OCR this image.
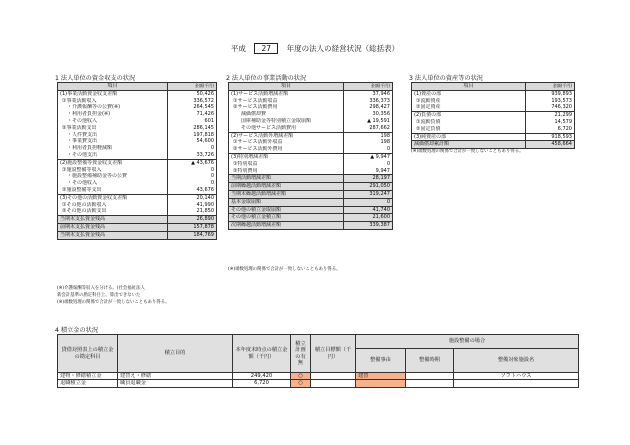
平成 27 年度の法人の経営状況（総括表）
1 法人単位の資金収支の状況
項目	金額(千円)
(1)事業活動資金収支差額	50,426
①事業活動収入	336,572
・介護報酬等の公費(※)	264,545
・利用者負担金(※)	71,426
・その他収入	601
②事業活動支出	286,145
・人件費支出	197,818
・事業費支出	54,600
・利用者負担軽減額	0
・その他支出	33,726
(2)施設整備等資金収支差額	▲ 43,676
①施設整備等収入	0
・施設整備補助金等の公費	0
・その他収入	0
②施設整備等支出	43,676
(3)その他の活動資金収支差額	20,140
①その他の活動収入	41,990
②その他の活動支出	21,850
当期末支払資金残高	26,890
前期末支払資金残高	157,878
当期末支払資金残高	184,769
(※)介護報酬等収入を分ける。(社会福祉法人
新会計基準の勘定科目上、算出できないた
(※)端数処理の関係で合計が一致しないこともあり得る。
2 法人単位の事業活動の状況
項目	金額(千円)
(1)サービス活動増減差額	37,946
①サービス活動収益	336,373
②サービス活動費用	298,427
減価償却費	30,356
国庫補助金等特別積立金取崩額	▲ 19,591
その他サービス活動費用	287,662
(2)サービス活動外増減差額	198
①サービス活動外収益	198
②サービス活動外費用	0
(3)特別増減差額	▲ 9,947
①特別収益	0
②特別費用	9,947
当期活動増減差額	28,197
前期繰越活動増減差額	291,050
当期末繰越活動増減差額	319,247
基本金取崩額	0
その他の積立金取崩額	41,740
その他の積立金積立額	21,600
次期繰越活動増減差額	339,387
(※)端数処理の関係で合計が一致しないこともあり得る。
3 法人単位の資産等の状況
項目	金額(千円)
(1)資産の部	939,893
①流動資産	193,573
②固定資産	746,320
(2)負債の部	21,299
①流動負債	14,579
②固定負債	6,720
(3)純資産の部	918,593
減価償却累計額	458,664
(※)端数処理の関係で合計が一致しないこともあり得る。
4 積立金の状況
貸借対照表上の積立金の勘定科目	積立目的	本年度末時点の積立金額（千円）	積立計画の有無	積立目標額（千円）	施設整備の場合		
					整備事由	整備時期	整備対象施設名
建物・修繕積立金	建替え・修繕	249,420	○		建替		ソフトハウス
退職積立金	職員退職金	6,720	○				
